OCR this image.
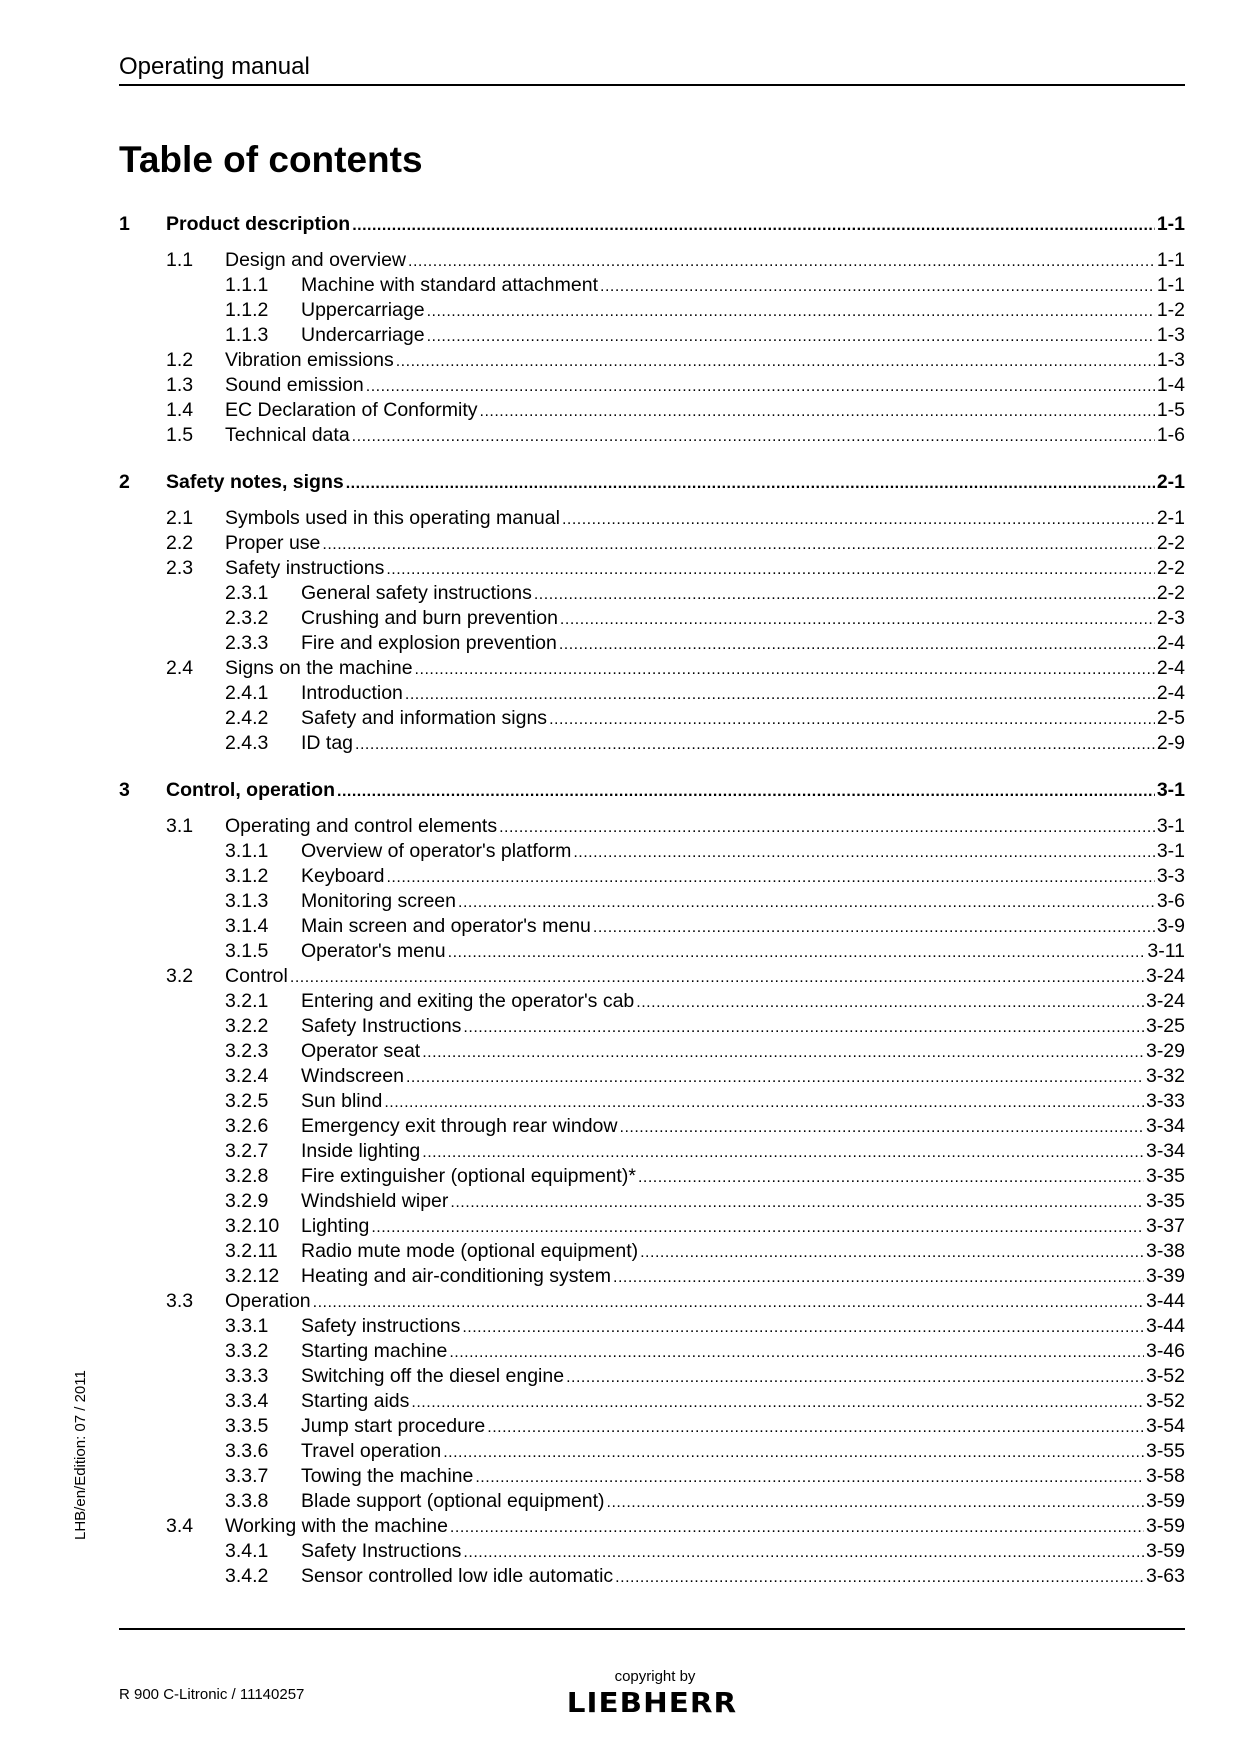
Operating manual
Table of contents
1	Product description .....	1-1
1.1	Design and overview .....	1-1
1.1.1	Machine with standard attachment .....	1-1
1.1.2	Uppercarriage .....	1-2
1.1.3	Undercarriage .....	1-3
1.2	Vibration emissions .....	1-3
1.3	Sound emission .....	1-4
1.4	EC Declaration of Conformity .....	1-5
1.5	Technical data .....	1-6
2	Safety notes, signs .....	2-1
2.1	Symbols used in this operating manual .....	2-1
2.2	Proper use .....	2-2
2.3	Safety instructions .....	2-2
2.3.1	General safety instructions .....	2-2
2.3.2	Crushing and burn prevention .....	2-3
2.3.3	Fire and explosion prevention .....	2-4
2.4	Signs on the machine .....	2-4
2.4.1	Introduction .....	2-4
2.4.2	Safety and information signs .....	2-5
2.4.3	ID tag .....	2-9
3	Control, operation .....	3-1
3.1	Operating and control elements .....	3-1
3.1.1	Overview of operator's platform .....	3-1
3.1.2	Keyboard .....	3-3
3.1.3	Monitoring screen .....	3-6
3.1.4	Main screen and operator's menu .....	3-9
3.1.5	Operator's menu .....	3-11
3.2	Control .....	3-24
3.2.1	Entering and exiting the operator's cab .....	3-24
3.2.2	Safety Instructions .....	3-25
3.2.3	Operator seat .....	3-29
3.2.4	Windscreen .....	3-32
3.2.5	Sun blind .....	3-33
3.2.6	Emergency exit through rear window .....	3-34
3.2.7	Inside lighting .....	3-34
3.2.8	Fire extinguisher (optional equipment)* .....	3-35
3.2.9	Windshield wiper .....	3-35
3.2.10	Lighting .....	3-37
3.2.11	Radio mute mode (optional equipment) .....	3-38
3.2.12	Heating and air-conditioning system .....	3-39
3.3	Operation .....	3-44
3.3.1	Safety instructions .....	3-44
3.3.2	Starting machine .....	3-46
3.3.3	Switching off the diesel engine .....	3-52
3.3.4	Starting aids .....	3-52
3.3.5	Jump start procedure .....	3-54
3.3.6	Travel operation .....	3-55
3.3.7	Towing the machine .....	3-58
3.3.8	Blade support (optional equipment) .....	3-59
3.4	Working with the machine .....	3-59
3.4.1	Safety Instructions .....	3-59
3.4.2	Sensor controlled low idle automatic .....	3-63
LHB/en/Edition: 07 / 2011
R 900 C-Litronic / 11140257
copyright by
LIEBHERR
